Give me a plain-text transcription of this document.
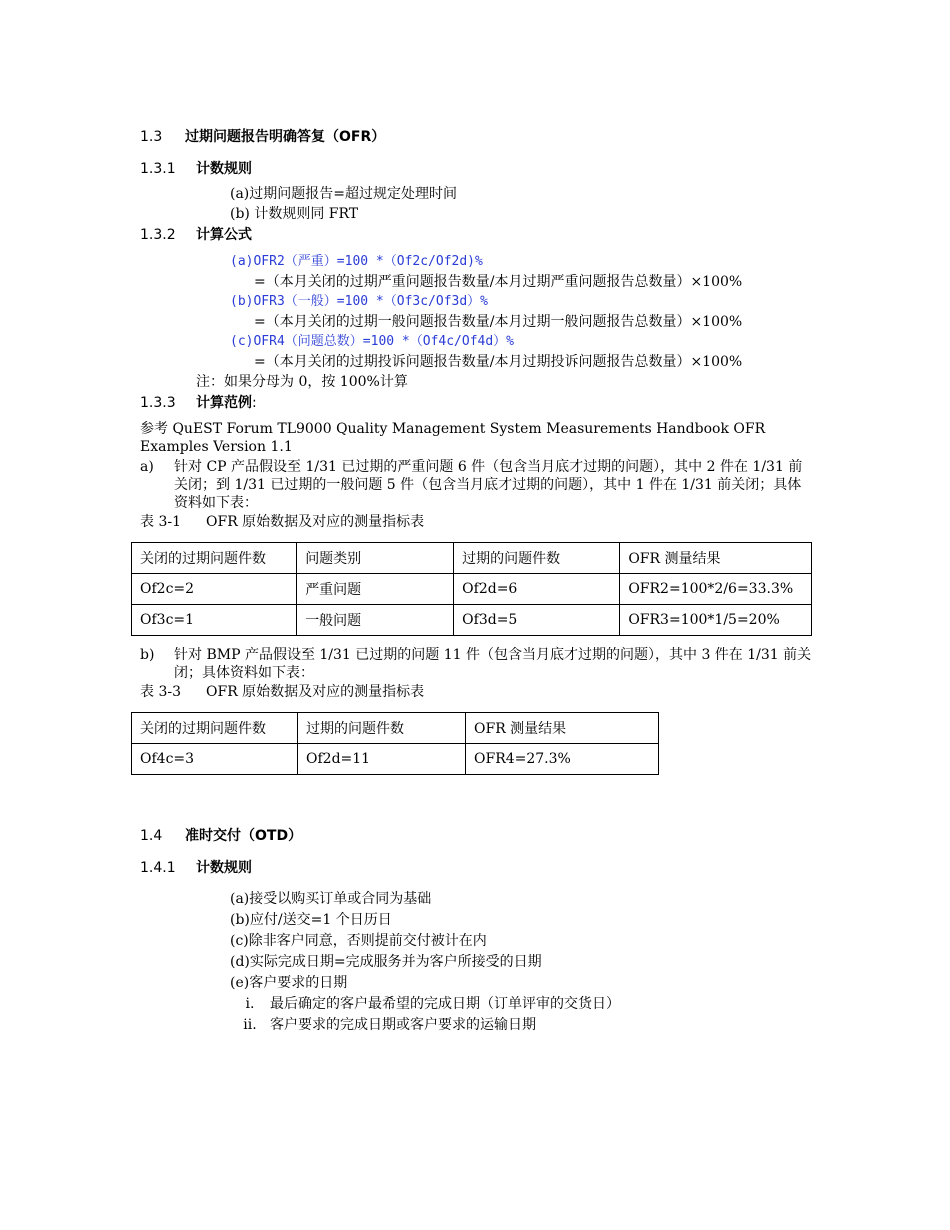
1.3 过期问题报告明确答复（OFR）
1.3.1 计数规则
(a)过期问题报告=超过规定处理时间
(b) 计数规则同 FRT
1.3.2 计算公式
(a)OFR2（严重）=100 *（Of2c/Of2d)%
=（本月关闭的过期严重问题报告数量/本月过期严重问题报告总数量）×100%
(b)OFR3（一般）=100 *（Of3c/Of3d）%
=（本月关闭的过期一般问题报告数量/本月过期一般问题报告总数量）×100%
(c)OFR4（问题总数）=100 *（Of4c/Of4d）%
=（本月关闭的过期投诉问题报告数量/本月过期投诉问题报告总数量）×100%
注：如果分母为 0，按 100%计算
1.3.3 计算范例:
参考 QuEST Forum TL9000 Quality Management System Measurements Handbook OFR Examples Version 1.1
a) 针对 CP 产品假设至 1/31 已过期的严重问题 6 件（包含当月底才过期的问题），其中 2 件在 1/31 前关闭；到 1/31 已过期的一般问题 5 件（包含当月底才过期的问题），其中 1 件在 1/31 前关闭；具体资料如下表：
表 3-1 OFR 原始数据及对应的测量指标表
关闭的过期问题件数	问题类别	过期的问题件数	OFR 测量结果
Of2c=2	严重问题	Of2d=6	OFR2=100*2/6=33.3%
Of3c=1	一般问题	Of3d=5	OFR3=100*1/5=20%
b) 针对 BMP 产品假设至 1/31 已过期的问题 11 件（包含当月底才过期的问题），其中 3 件在 1/31 前关闭；具体资料如下表：
表 3-3 OFR 原始数据及对应的测量指标表
关闭的过期问题件数	过期的问题件数	OFR 测量结果
Of4c=3	Of2d=11	OFR4=27.3%
1.4 准时交付（OTD）
1.4.1 计数规则
(a)接受以购买订单或合同为基础
(b)应付/送交=1 个日历日
(c)除非客户同意，否则提前交付被计在内
(d)实际完成日期=完成服务并为客户所接受的日期
(e)客户要求的日期
i. 最后确定的客户最希望的完成日期（订单评审的交货日）
ii. 客户要求的完成日期或客户要求的运输日期
